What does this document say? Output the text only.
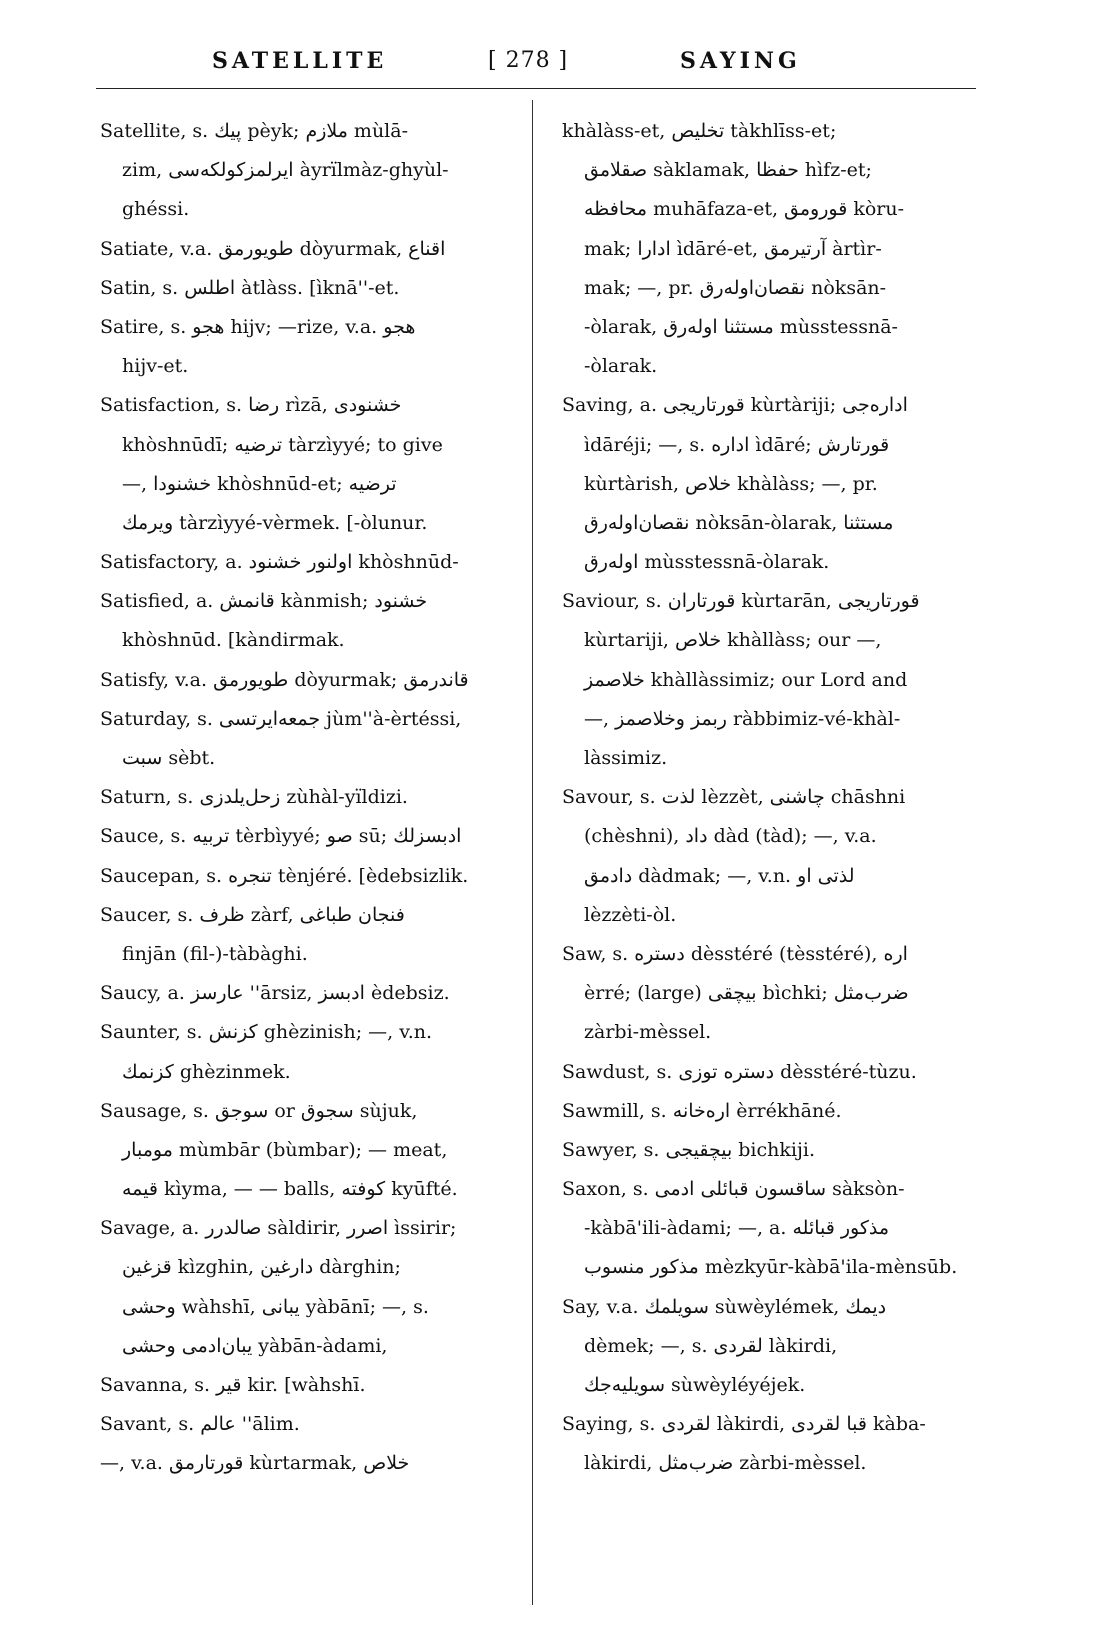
SATELLITE	[ 278 ]	SAYING
Satellite, s. پیك pèyk; ملازم mùlā-
zim, ایرلمزكولكه‌سی àyrïlmàz-ghyùl-
ghéssi.
Satiate, v.a. طویورمق dòyurmak, اقناع
Satin, s. اطلس àtlàss. [ìknā''-et.
Satire, s. هجو hijv; —rize, v.a. هجو
hijv-et.
Satisfaction, s. رضا rìzā, خشنودی
khòshnūdī; ترضیه tàrzìyyé; to give
—, خشنودا khòshnūd-et; ترضیه
ویرمك tàrzìyyé-vèrmek. [-òlunur.
Satisfactory, a. اولنور خشنود khòshnūd-
Satisfied, a. قانمش kànmish; خشنود
khòshnūd. [kàndirmak.
Satisfy, v.a. طویورمق dòyurmak; قاندرمق
Saturday, s. جمعه‌ایرتسی jùm''à-èrtéssi,
سبت sèbt.
Saturn, s. زحل‌یلدزی zùhàl-yïldizi.
Sauce, s. تربیه tèrbìyyé; صو sū; ادبسزلك
Saucepan, s. تنجره tènjéré. [èdebsizlik.
Saucer, s. ظرف zàrf, فنجان طباغی
finjān (fil-)-tàbàghi.
Saucy, a. عارسز ''ārsiz, ادبسز èdebsiz.
Saunter, s. كزنش ghèzinish; —, v.n.
كزنمك ghèzinmek.
Sausage, s. سوجق or سجوق sùjuk,
مومبار mùmbār (bùmbar); — meat,
قیمه kìyma, — — balls, كوفته kyūfté.
Savage, a. صالدرر sàldirir, اصرر ìssirir;
قزغین kìzghin, دارغین dàrghin;
وحشی wàhshī, یبانی yàbānī; —, s.
یبان‌ادمی وحشی yàbān-àdami,
Savanna, s. قیر kir. [wàhshī.
Savant, s. عالم ''ālim.
—, v.a. قورتارمق kùrtarmak, خلاص
khàlàss-et, تخلیص tàkhlīss-et;
صقلامق sàklamak, حفظا hìfz-et;
محافظه muhāfaza-et, قورومق kòru-
mak; ادارا ìdāré-et, آرتیرمق àrtìr-
mak; —, pr. نقصان‌اولەرق nòksān-
-òlarak, مستثنا اولەرق mùsstessnā-
-òlarak.
Saving, a. قورتاریجی kùrtàriji; ادارەجی
ìdāréji; —, s. اداره ìdāré; قورتارش
kùrtàrish, خلاص khàlàss; —, pr.
نقصان‌اولەرق nòksān-òlarak, مستثنا
اولەرق mùsstessnā-òlarak.
Saviour, s. قورتاران kùrtarān, قورتاریجی
kùrtariji, خلاص khàllàss; our —,
خلاصمز khàllàssimiz; our Lord and
—, ربمز وخلاصمز ràbbimiz-vé-khàl-
làssimiz.
Savour, s. لذت lèzzèt, چاشنی chāshni
(chèshni), داد dàd (tàd); —, v.a.
دادمق dàdmak; —, v.n. لذتی او
lèzzèti-òl.
Saw, s. دستره dèsstéré (tèsstéré), اره
èrré; (large) بیچقی bìchki; ضرب‌مثل
zàrbi-mèssel.
Sawdust, s. دستره توزی dèsstéré-tùzu.
Sawmill, s. اره‌خانه èrrékhāné.
Sawyer, s. بیچقیجی bichkiji.
Saxon, s. ساقسون قبائلی ادمی sàksòn-
-kàbā'ili-àdami; —, a. مذكور قبائله
مذكور منسوب mèzkyūr-kàbā'ila-mènsūb.
Say, v.a. سویلمك sùwèylémek, دیمك
dèmek; —, s. لقردی làkirdi,
سویلیه‌جك sùwèyléyéjek.
Saying, s. لقردی làkirdi, قبا لقردی kàba-
làkirdi, ضرب‌مثل zàrbi-mèssel.
